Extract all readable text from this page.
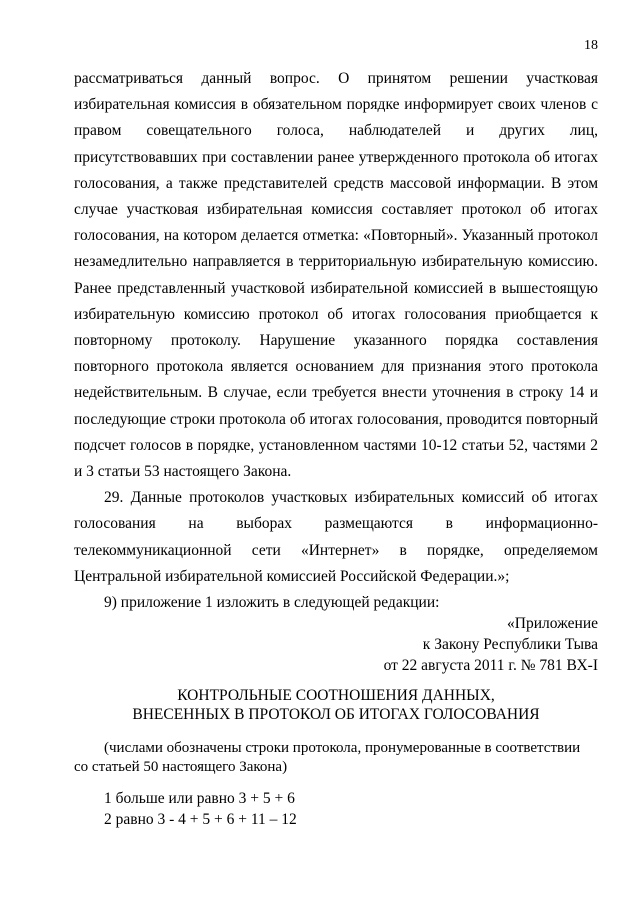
18

рассматриваться данный вопрос. О принятом решении участковая избирательная комиссия в обязательном порядке информирует своих членов с правом совещательного голоса, наблюдателей и других лиц, присутствовавших при составлении ранее утвержденного протокола об итогах голосования, а также представителей средств массовой информации. В этом случае участковая избирательная комиссия составляет протокол об итогах голосования, на котором делается отметка: «Повторный». Указанный протокол незамедлительно направляется в территориальную избирательную комиссию. Ранее представленный участковой избирательной комиссией в вышестоящую избирательную комиссию протокол об итогах голосования приобщается к повторному протоколу. Нарушение указанного порядка составления повторного протокола является основанием для признания этого протокола недействительным. В случае, если требуется внести уточнения в строку 14 и последующие строки протокола об итогах голосования, проводится повторный подсчет голосов в порядке, установленном частями 10-12 статьи 52, частями 2 и 3 статьи 53 настоящего Закона.

29. Данные протоколов участковых избирательных комиссий об итогах голосования на выборах размещаются в информационно-телекоммуникационной сети «Интернет» в порядке, определяемом Центральной избирательной комиссией Российской Федерации.»;

9) приложение 1 изложить в следующей редакции:

«Приложение
к Закону Республики Тыва
от 22 августа 2011 г. № 781 ВХ-I
КОНТРОЛЬНЫЕ СООТНОШЕНИЯ ДАННЫХ,
ВНЕСЕННЫХ В ПРОТОКОЛ ОБ ИТОГАХ ГОЛОСОВАНИЯ
(числами обозначены строки протокола, пронумерованные в соответствии со статьей 50 настоящего Закона)
1 больше или равно 3 + 5 + 6
2 равно 3 - 4 + 5 + 6 + 11 – 12
